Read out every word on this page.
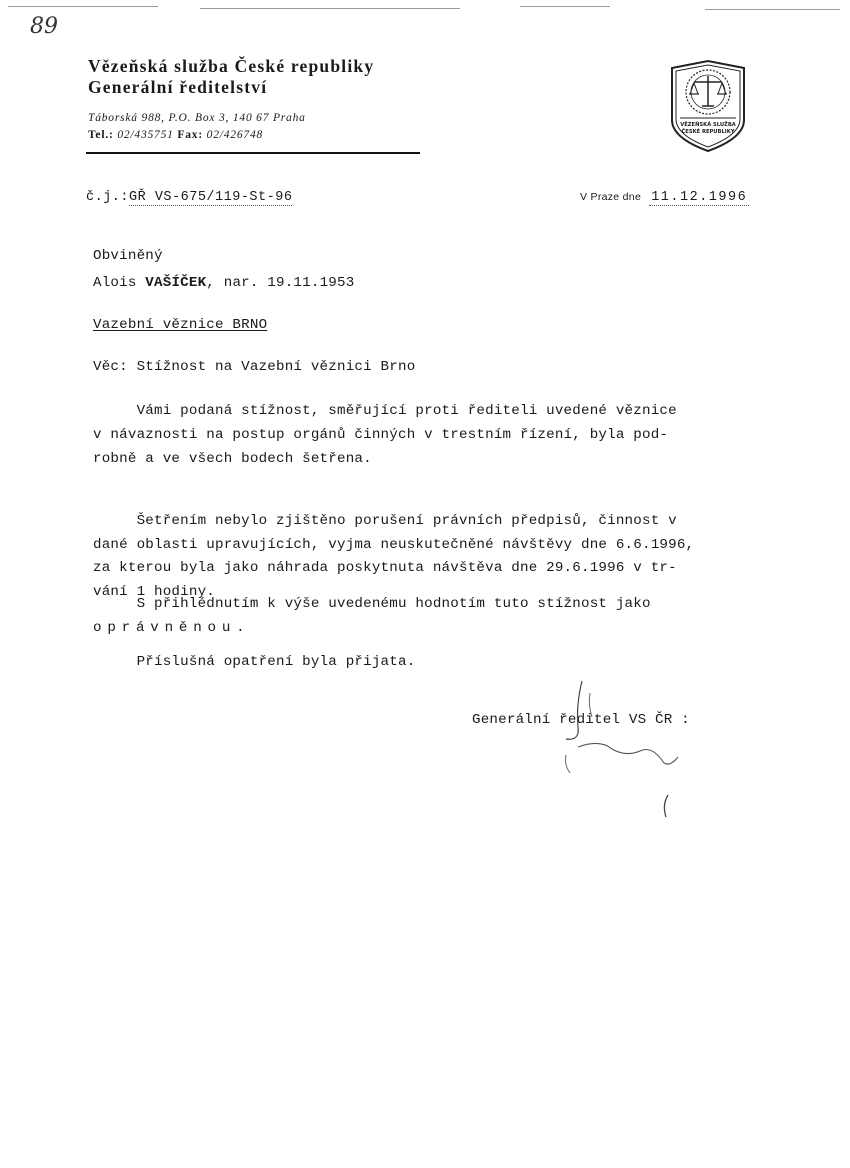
89
Vězeňská služba České republiky
Generální ředitelství
Táborská 988, P.O. Box 3, 140 67 Praha
Tel.: 02/435751 Fax: 02/426748
VĚZEŇSKÁ SLUŽBA
ČESKÉ REPUBLIKY
č.j.:GŘ VS-675/119-St-96	V Praze dne 11.12.1996
Obviněný
Alois VAŠÍČEK, nar. 19.11.1953
Vazební věznice BRNO
Věc: Stížnost na Vazební věznici Brno
Vámi podaná stížnost, směřující proti řediteli uvedené věznice
v návaznosti na postup orgánů činných v trestním řízení, byla pod-
robně a ve všech bodech šetřena.
Šetřením nebylo zjištěno porušení právních předpisů, činnost v
dané oblasti upravujících, vyjma neuskutečněné návštěvy dne 6.6.1996,
za kterou byla jako náhrada poskytnuta návštěva dne 29.6.1996 v tr-
vání 1 hodiny.
S přihlédnutím k výše uvedenému hodnotím tuto stížnost jako
oprávněnou.
Příslušná opatření byla přijata.
Generální ředitel VS ČR :
